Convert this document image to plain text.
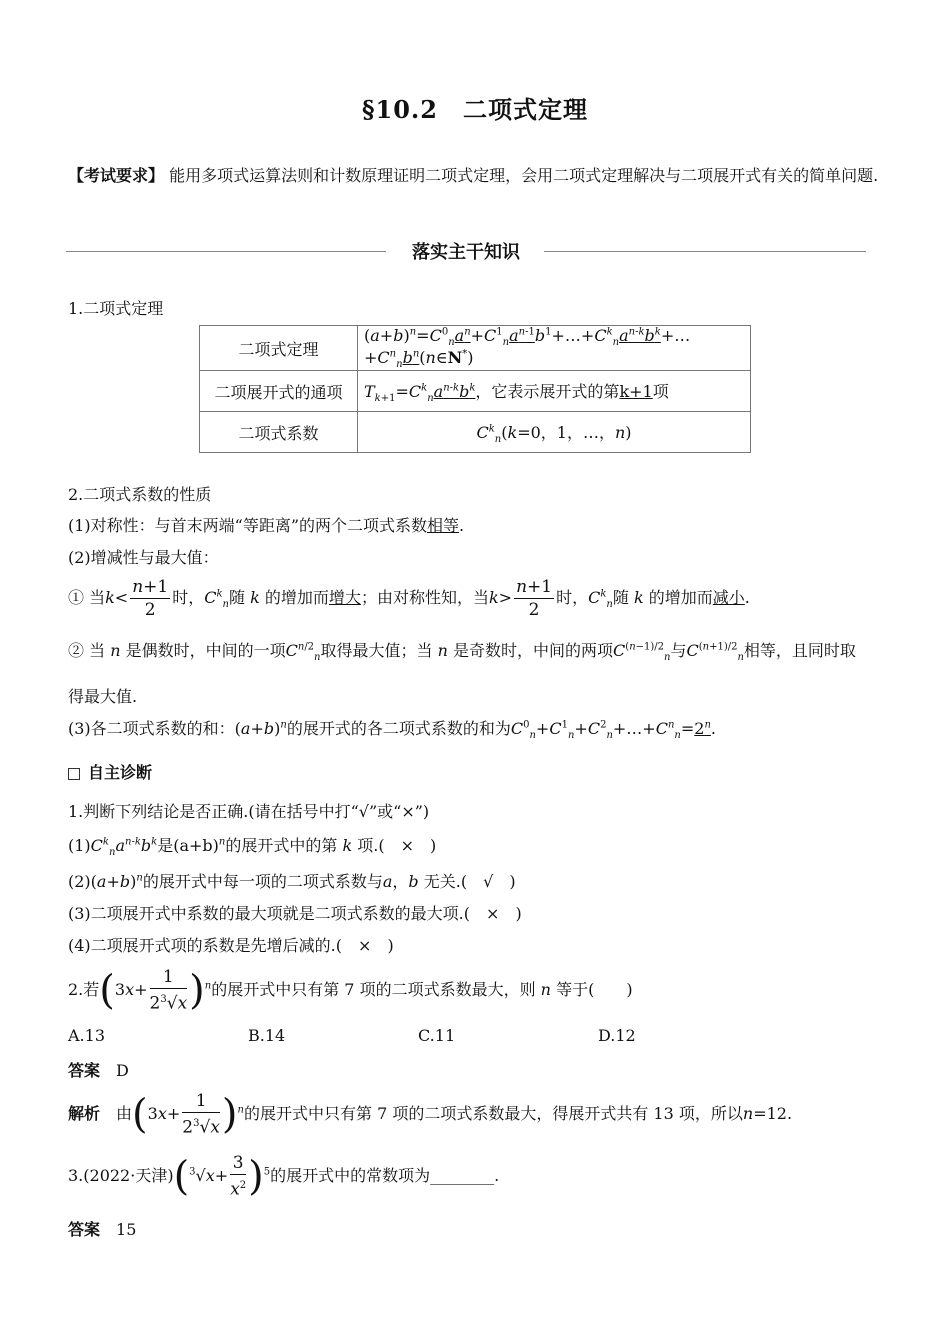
§10.2　二项式定理
【考试要求】 能用多项式运算法则和计数原理证明二项式定理，会用二项式定理解决与二项展开式有关的简单问题.
落实主干知识
1.二项式定理
二项式定理	$(a+b)^n=C^0_na^n+C^1_na^{n-1}b^1+\dots+C^k_na^{n-k}b^k+\dots+C^n_nb^n(n\in N^*)$
二项展开式的通项	$T_{k+1}=C^k_na^{n-k}b^k$，它表示展开式的第k+1项
二项式系数	$C^k_n(k=0$，1，…，n)
2.二项式系数的性质
(1)对称性：与首末两端“等距离”的两个二项式系数相等.
(2)增减性与最大值：
① 当$k< \frac{n+1}{2}$ 时，$C^k_n$随 k 的增加而增大；由对称性知，当$k> \frac{n+1}{2}$ 时，$C^k_n$随 k 的增加而减小.
② 当 n 是偶数时，中间的一项$C^{n/2}_n$取得最大值；当 n 是奇数时，中间的两项$C^{(n-1)/2}_n$与$C^{(n+1)/2}_n$相等，且同时取
得最大值.
(3)各二项式系数的和：$(a+b)^n$的展开式的各二项式系数的和为$C^0_n+C^1_n+C^2_n+\dots+C^n_n=2^n$.
自主诊断
1.判断下列结论是否正确.(请在括号中打“√”或“×”)
$(1)C^k_na^{n-k}b^k$是$(a+b)^n$的展开式中的第 k 项.(　 ×　 )
$(2)(a+b)^n$的展开式中每一项的二项式系数与a，b 无关.(　 √　 )
(3)二项展开式中系数的最大项就是二项式系数的最大项.(　 ×　 )
(4)二项展开式项的系数是先增后减的.(　 ×　 )
2.若$(3x+ \frac{1}{2^3√x} )^n$的展开式中只有第 7 项的二项式系数最大，则 n 等于(　　)
A.13	B.14	C.11	D.12
答案　 D
解析　 由$(3x+ \frac{1}{2^3√x} )^n$的展开式中只有第 7 项的二项式系数最大，得展开式共有 13 项，所以n=12.
3.(2022·天津)$(^3√x+ \frac{3}{x^2} )^5$的展开式中的常数项为________.
答案　 15
